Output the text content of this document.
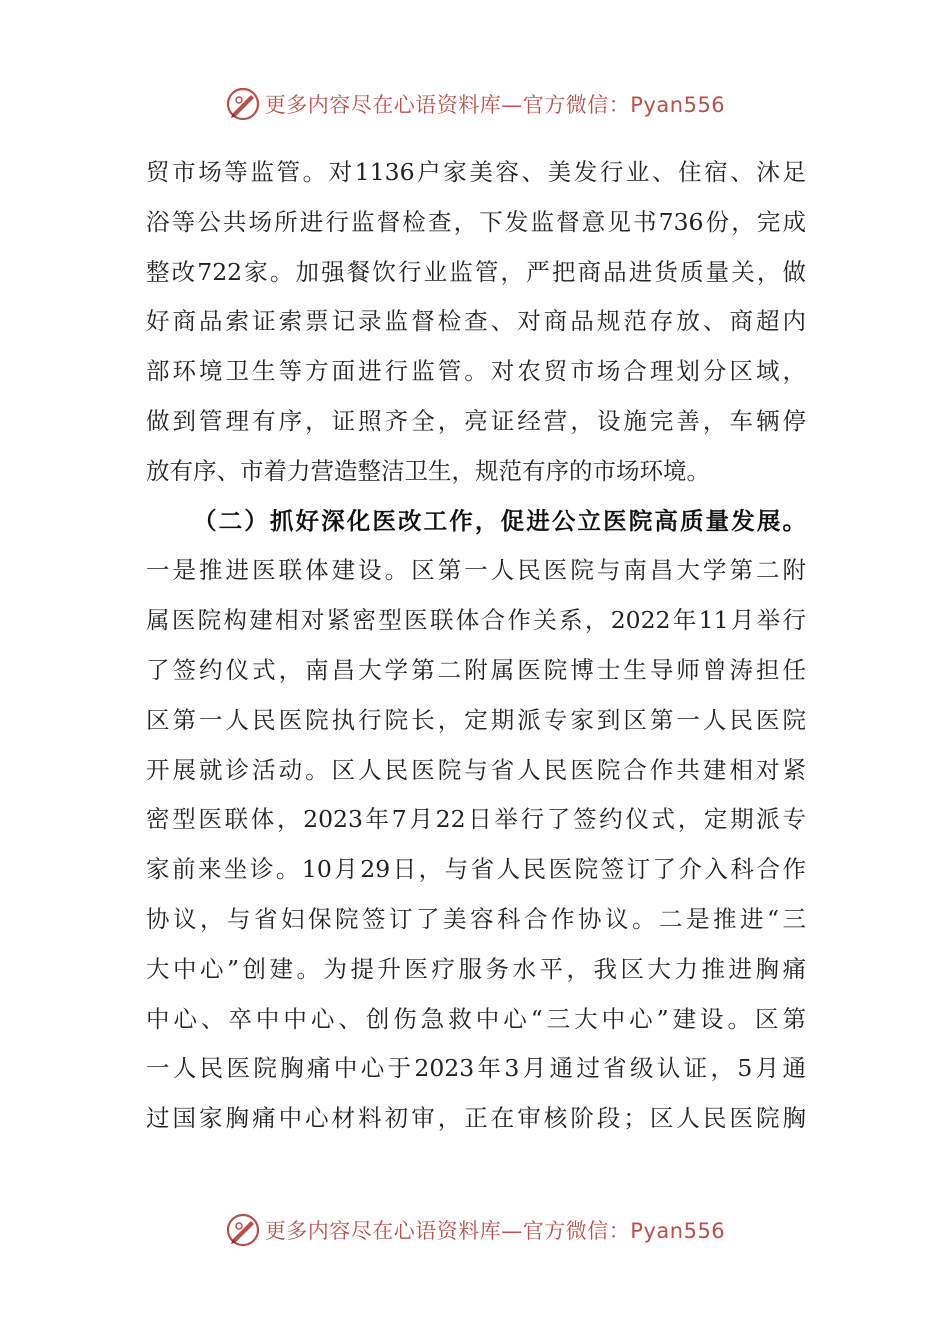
更多内容尽在心语资料库—官方微信：Pyan556
贸市场等监管。对1136户家美容、美发行业、住宿、沐足
浴等公共场所进行监督检查，下发监督意见书736份，完成
整改722家。加强餐饮行业监管，严把商品进货质量关，做
好商品索证索票记录监督检查、对商品规范存放、商超内
部环境卫生等方面进行监管。对农贸市场合理划分区域，
做到管理有序，证照齐全，亮证经营，设施完善，车辆停
放有序、市着力营造整洁卫生，规范有序的市场环境。
（二）抓好深化医改工作，促进公立医院高质量发展。
一是推进医联体建设。区第一人民医院与南昌大学第二附
属医院构建相对紧密型医联体合作关系，2022年11月举行
了签约仪式，南昌大学第二附属医院博士生导师曾涛担任
区第一人民医院执行院长，定期派专家到区第一人民医院
开展就诊活动。区人民医院与省人民医院合作共建相对紧
密型医联体，2023年7月22日举行了签约仪式，定期派专
家前来坐诊。10月29日，与省人民医院签订了介入科合作
协议，与省妇保院签订了美容科合作协议。二是推进“三
大中心”创建。为提升医疗服务水平，我区大力推进胸痛
中心、卒中中心、创伤急救中心“三大中心”建设。区第
一人民医院胸痛中心于2023年3月通过省级认证，5月通
过国家胸痛中心材料初审，正在审核阶段；区人民医院胸
更多内容尽在心语资料库—官方微信：Pyan556
